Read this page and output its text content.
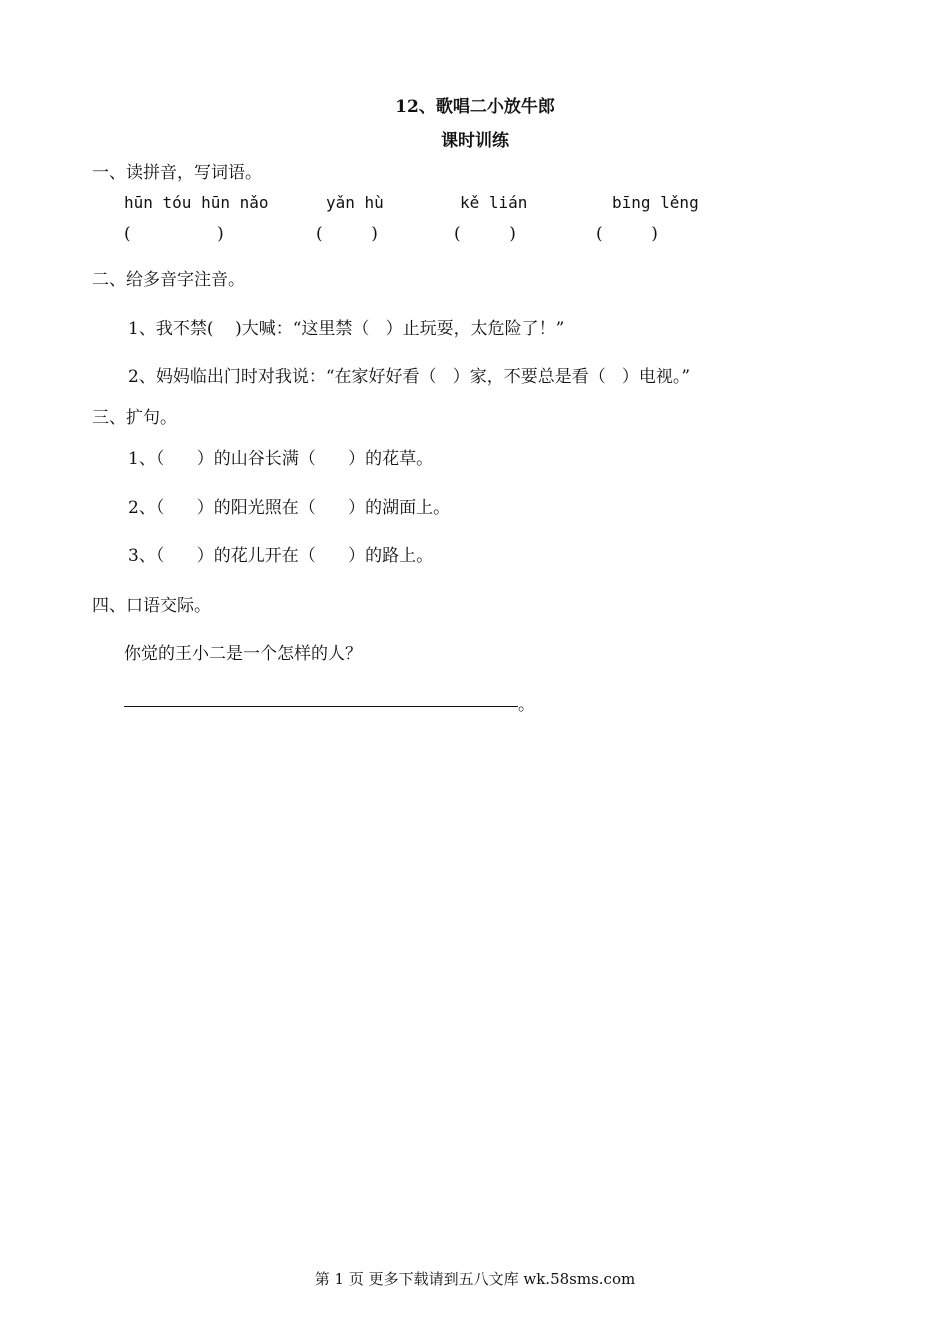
12、歌唱二小放牛郎
课时训练
一、读拼音，写词语。
hūn tóu hūn nǎo	yǎn hù	kě lián	bīng lěng
(                )	(         )	(         )	(         )
二、给多音字注音。
1、我不禁(    )大喊：“这里禁（   ）止玩耍，太危险了！”
2、妈妈临出门时对我说：“在家好好看（   ）家，不要总是看（   ）电视。”
三、扩句。
1、（      ）的山谷长满（      ）的花草。
2、（      ）的阳光照在（      ）的湖面上。
3、（      ）的花儿开在（      ）的路上。
四、口语交际。
你觉的王小二是一个怎样的人？
。
第 1 页 更多下载请到五八文库 wk.58sms.com
